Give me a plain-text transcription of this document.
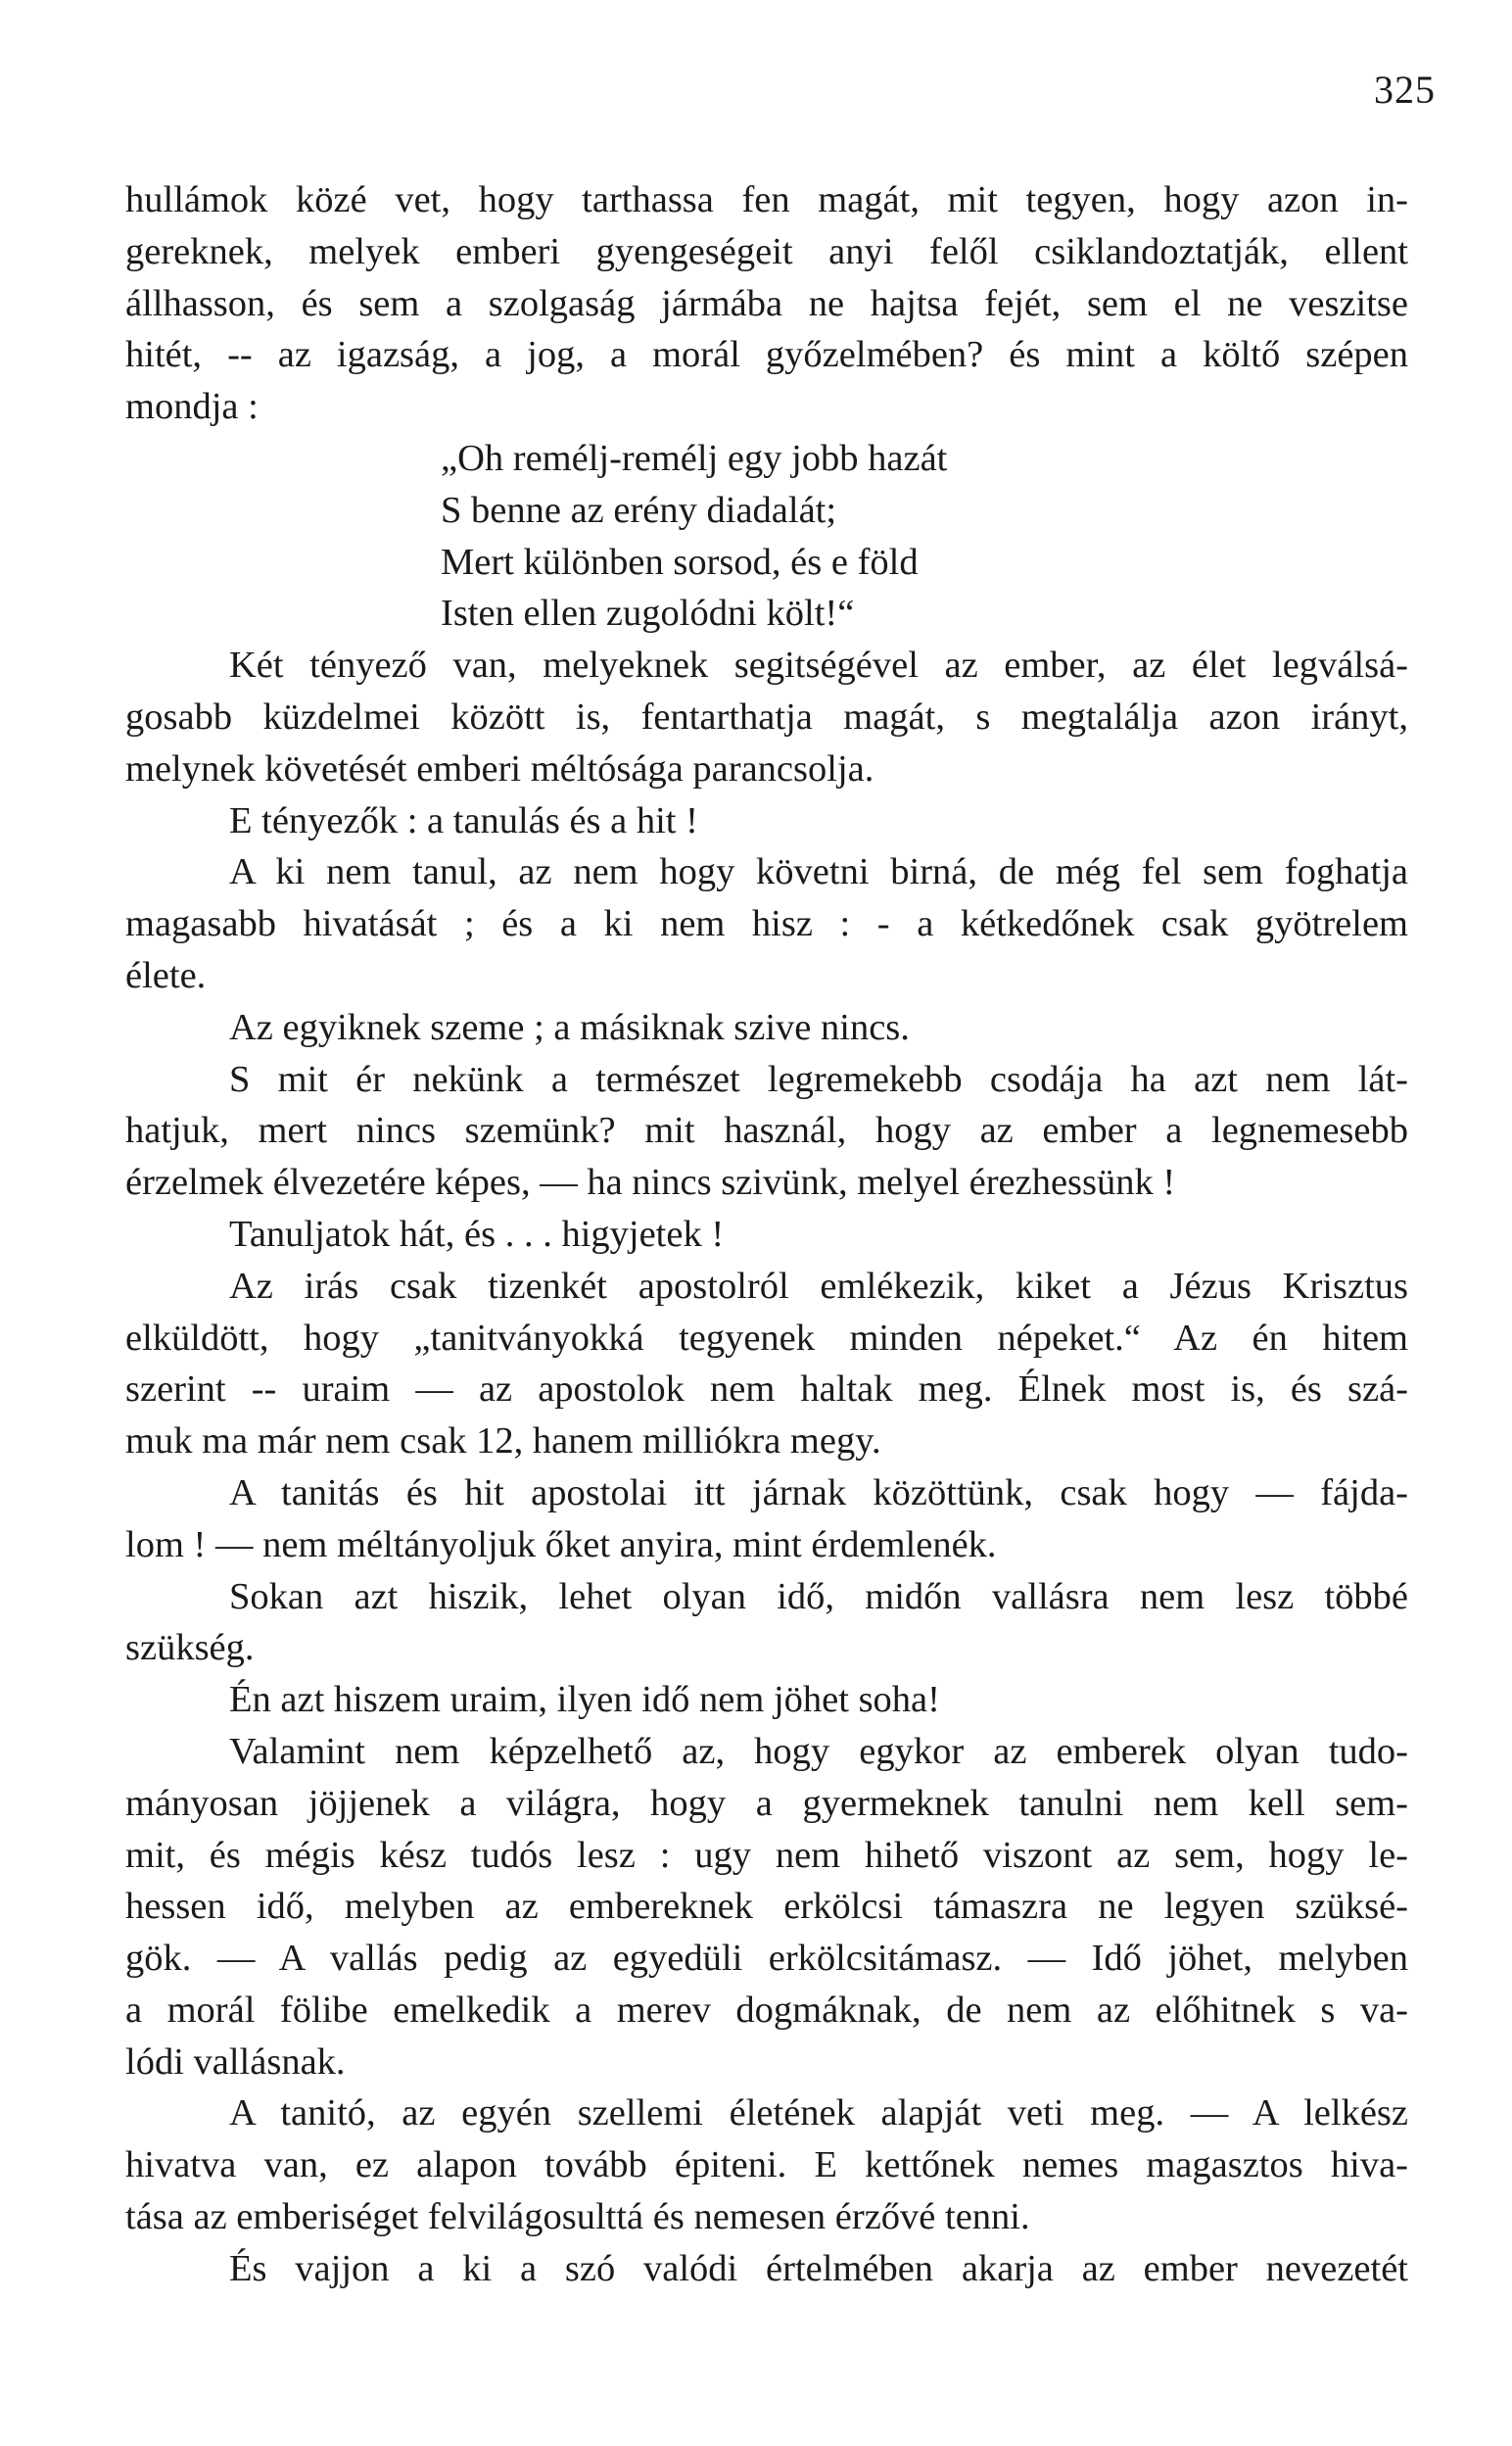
325
hullámok közé vet, hogy tarthassa fen magát, mit tegyen, hogy azon in-
gereknek, melyek emberi gyengeségeit anyi felől csiklandoztatják, ellent
állhasson, és sem a szolgaság jármába ne hajtsa fejét, sem el ne veszitse
hitét, -- az igazság, a jog, a morál győzelmében? és mint a költő szépen
mondja :
„Oh remélj-remélj egy jobb hazát
S benne az erény diadalát;
Mert különben sorsod, és e föld
Isten ellen zugolódni költ!“
Két tényező van, melyeknek segitségével az ember, az élet legválsá-
gosabb küzdelmei között is, fentarthatja magát, s megtalálja azon irányt,
melynek követését emberi méltósága parancsolja.
E tényezők : a tanulás és a hit !
A ki nem tanul, az nem hogy követni birná, de még fel sem foghatja
magasabb hivatását ; és a ki nem hisz : - a kétkedőnek csak gyötrelem
élete.
Az egyiknek szeme ; a másiknak szive nincs.
S mit ér nekünk a természet legremekebb csodája ha azt nem lát-
hatjuk, mert nincs szemünk? mit használ, hogy az ember a legnemesebb
érzelmek élvezetére képes, — ha nincs szivünk, melyel érezhessünk !
Tanuljatok hát, és . . . higyjetek !
Az irás csak tizenkét apostolról emlékezik, kiket a Jézus Krisztus
elküldött, hogy „tanitványokká tegyenek minden népeket.“ Az én hitem
szerint -- uraim — az apostolok nem haltak meg. Élnek most is, és szá-
muk ma már nem csak 12, hanem milliókra megy.
A tanitás és hit apostolai itt járnak közöttünk, csak hogy — fájda-
lom ! — nem méltányoljuk őket anyira, mint érdemlenék.
Sokan azt hiszik, lehet olyan idő, midőn vallásra nem lesz többé
szükség.
Én azt hiszem uraim, ilyen idő nem jöhet soha!
Valamint nem képzelhető az, hogy egykor az emberek olyan tudo-
mányosan jöjjenek a világra, hogy a gyermeknek tanulni nem kell sem-
mit, és mégis kész tudós lesz : ugy nem hihető viszont az sem, hogy le-
hessen idő, melyben az embereknek erkölcsi támaszra ne legyen szüksé-
gök. — A vallás pedig az egyedüli erkölcsitámasz. — Idő jöhet, melyben
a morál fölibe emelkedik a merev dogmáknak, de nem az előhitnek s va-
lódi vallásnak.
A tanitó, az egyén szellemi életének alapját veti meg. — A lelkész
hivatva van, ez alapon tovább épiteni. E kettőnek nemes magasztos hiva-
tása az emberiséget felvilágosulttá és nemesen érzővé tenni.
És vajjon a ki a szó valódi értelmében akarja az ember nevezetét
